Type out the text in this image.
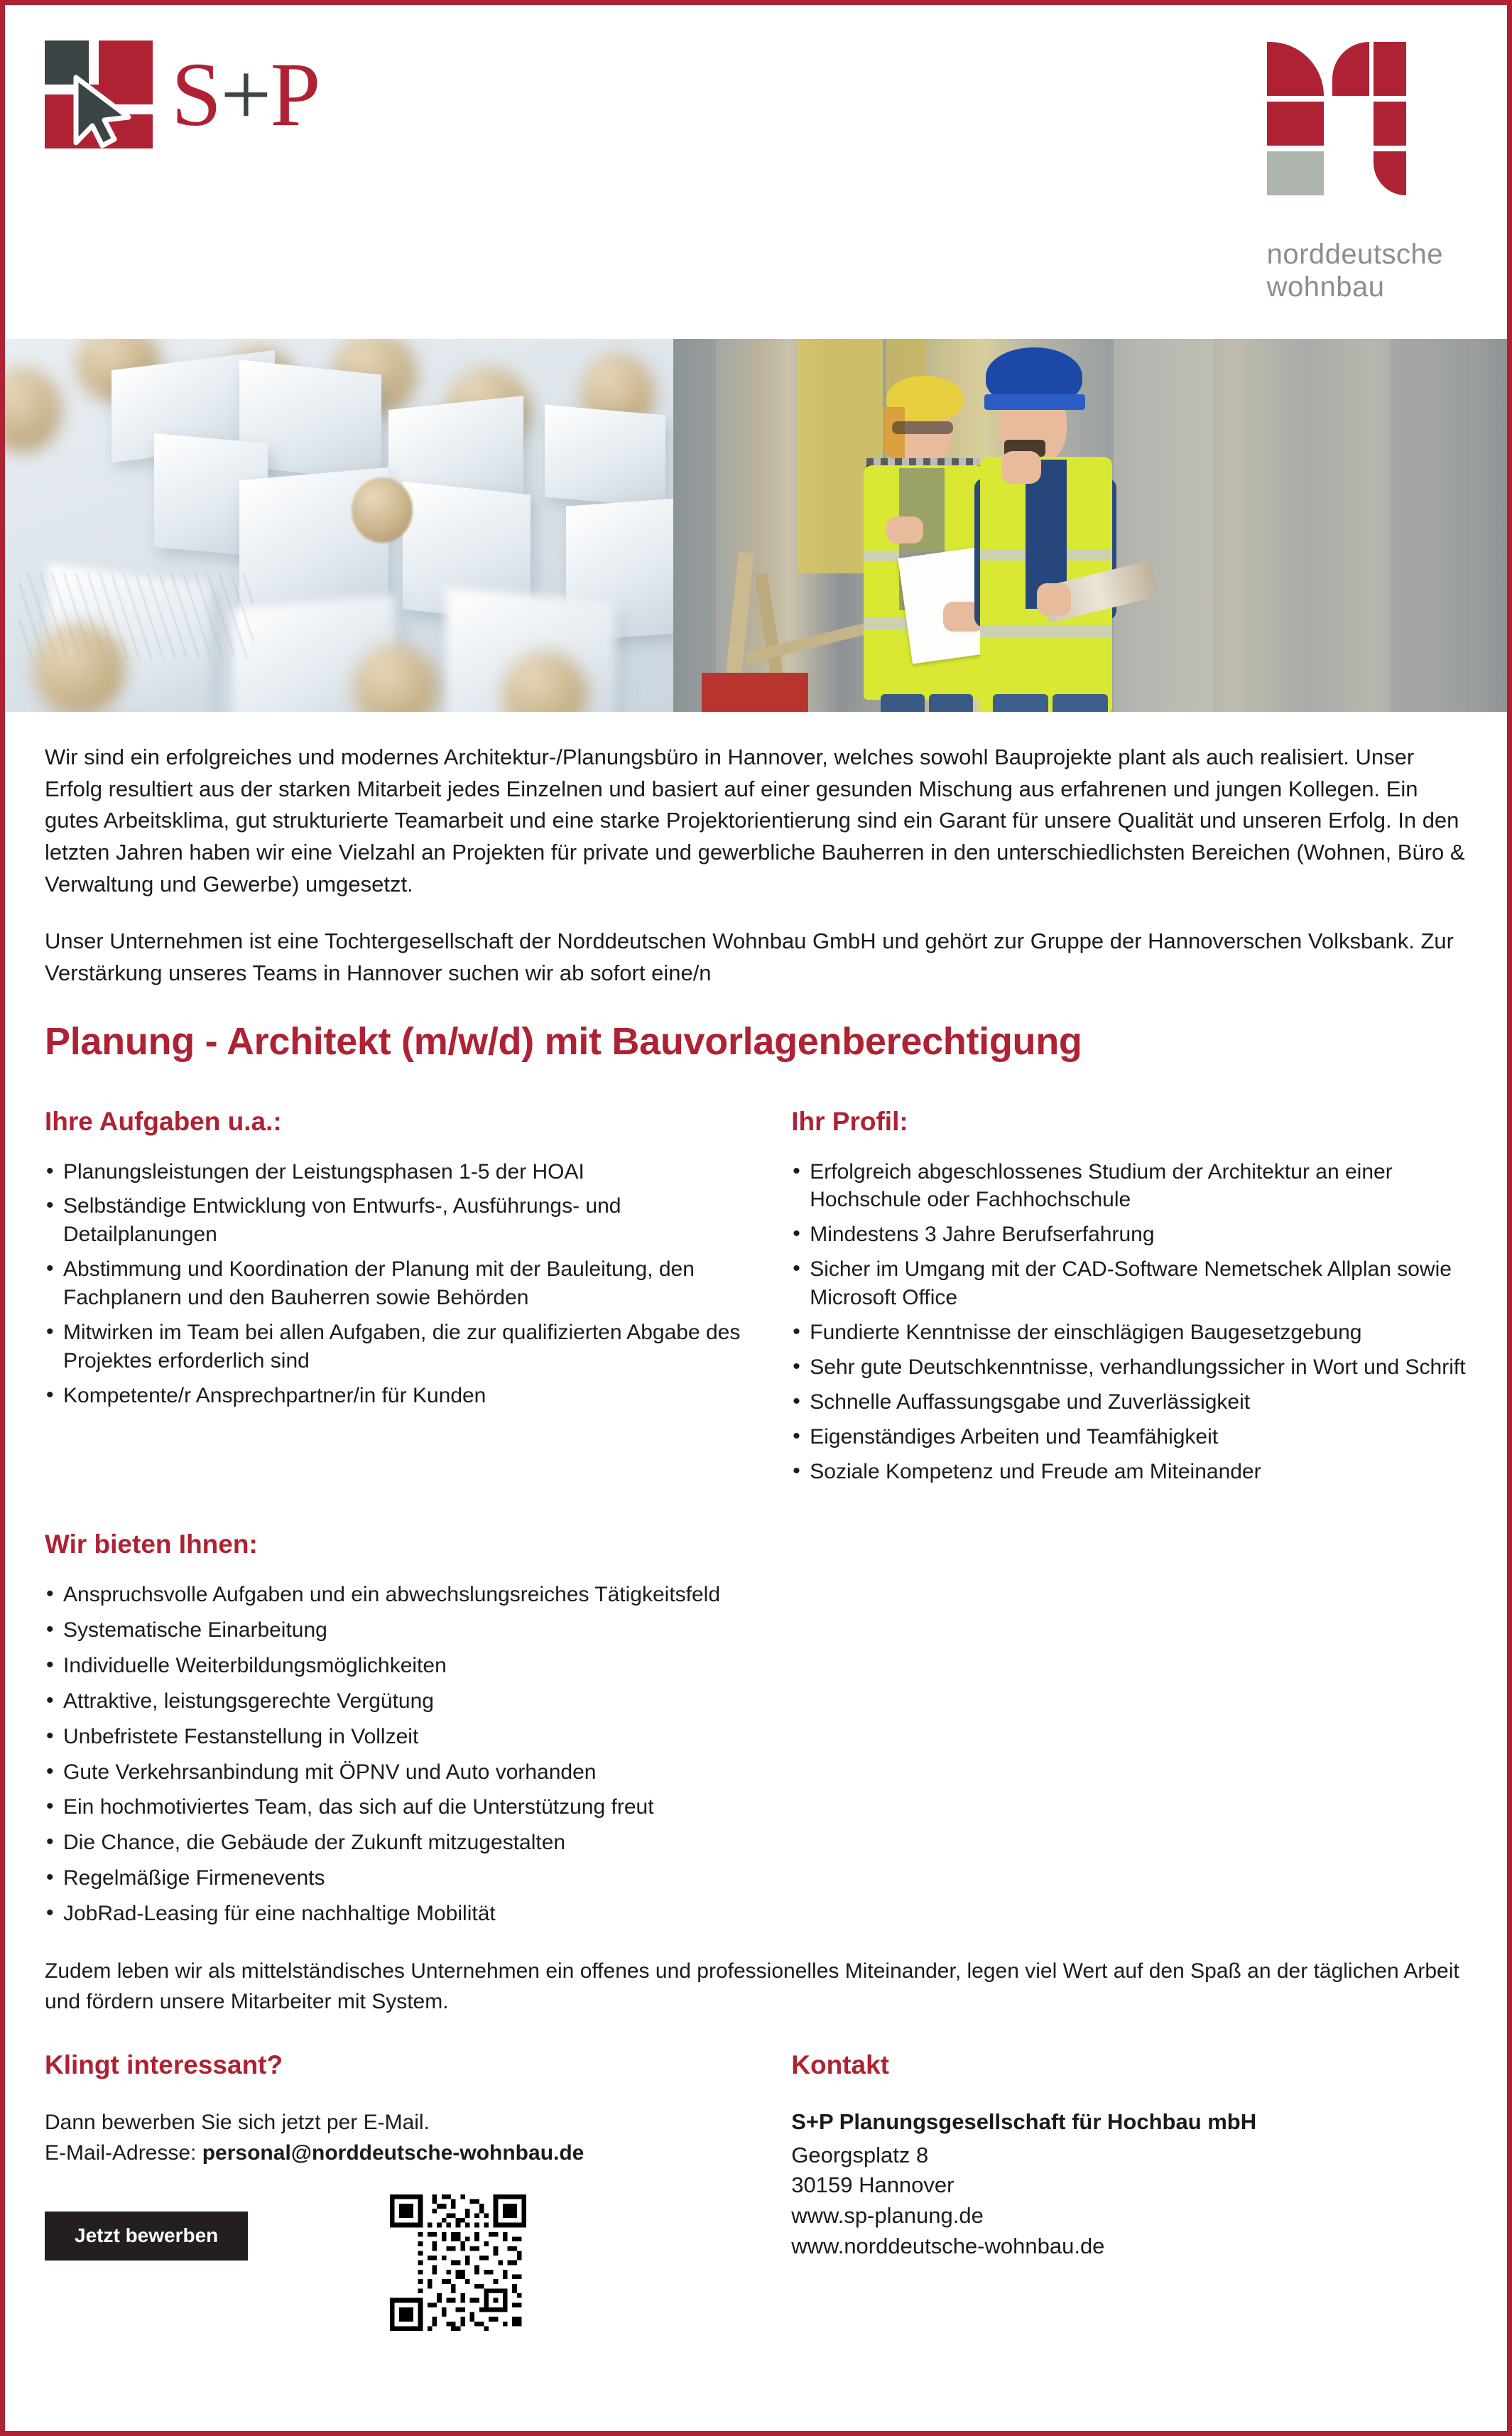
S+P
norddeutsche
wohnbau

Wir sind ein erfolgreiches und modernes Architektur-/Planungsbüro in Hannover, welches sowohl Bauprojekte plant als auch realisiert. Unser Erfolg resultiert aus der starken Mitarbeit jedes Einzelnen und basiert auf einer gesunden Mischung aus erfahrenen und jungen Kollegen. Ein gutes Arbeitsklima, gut strukturierte Teamarbeit und eine starke Projektorientierung sind ein Garant für unsere Qualität und unseren Erfolg. In den letzten Jahren haben wir eine Vielzahl an Projekten für private und gewerbliche Bauherren in den unterschiedlichsten Bereichen (Wohnen, Büro & Verwaltung und Gewerbe) umgesetzt.

Unser Unternehmen ist eine Tochtergesellschaft der Norddeutschen Wohnbau GmbH und gehört zur Gruppe der Hannoverschen Volksbank. Zur Verstärkung unseres Teams in Hannover suchen wir ab sofort eine/n

Planung - Architekt (m/w/d) mit Bauvorlagenberechtigung
Ihre Aufgaben u.a.:
• Planungsleistungen der Leistungsphasen 1-5 der HOAI
• Selbständige Entwicklung von Entwurfs-, Ausführungs- und Detailplanungen
• Abstimmung und Koordination der Planung mit der Bauleitung, den Fachplanern und den Bauherren sowie Behörden
• Mitwirken im Team bei allen Aufgaben, die zur qualifizierten Abgabe des Projektes erforderlich sind
• Kompetente/r Ansprechpartner/in für Kunden
Ihr Profil:
• Erfolgreich abgeschlossenes Studium der Architektur an einer Hochschule oder Fachhochschule
• Mindestens 3 Jahre Berufserfahrung
• Sicher im Umgang mit der CAD-Software Nemetschek Allplan sowie Microsoft Office
• Fundierte Kenntnisse der einschlägigen Baugesetzgebung
• Sehr gute Deutschkenntnisse, verhandlungssicher in Wort und Schrift
• Schnelle Auffassungsgabe und Zuverlässigkeit
• Eigenständiges Arbeiten und Teamfähigkeit
• Soziale Kompetenz und Freude am Miteinander
Wir bieten Ihnen:
• Anspruchsvolle Aufgaben und ein abwechslungsreiches Tätigkeitsfeld
• Systematische Einarbeitung
• Individuelle Weiterbildungsmöglichkeiten
• Attraktive, leistungsgerechte Vergütung
• Unbefristete Festanstellung in Vollzeit
• Gute Verkehrsanbindung mit ÖPNV und Auto vorhanden
• Ein hochmotiviertes Team, das sich auf die Unterstützung freut
• Die Chance, die Gebäude der Zukunft mitzugestalten
• Regelmäßige Firmenevents
• JobRad-Leasing für eine nachhaltige Mobilität

Zudem leben wir als mittelständisches Unternehmen ein offenes und professionelles Miteinander, legen viel Wert auf den Spaß an der täglichen Arbeit und fördern unsere Mitarbeiter mit System.

Klingt interessant?

Dann bewerben Sie sich jetzt per E-Mail.

E-Mail-Adresse: personal@norddeutsche-wohnbau.de

Jetzt bewerben
Kontakt

S+P Planungsgesellschaft für Hochbau mbH

Georgsplatz 8

30159 Hannover

www.sp-planung.de

www.norddeutsche-wohnbau.de
